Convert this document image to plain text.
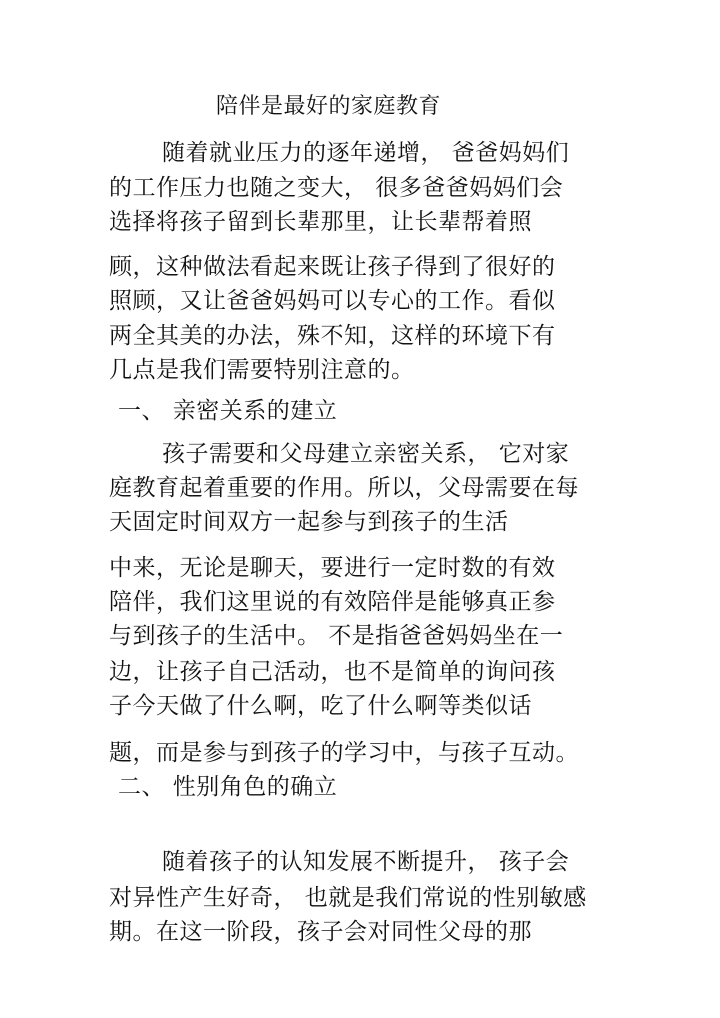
陪伴是最好的家庭教育
随着就业压力的逐年递增， 爸爸妈妈们
的工作压力也随之变大， 很多爸爸妈妈们会
选择将孩子留到长辈那里，让长辈帮着照
顾，这种做法看起来既让孩子得到了很好的
照顾，又让爸爸妈妈可以专心的工作。看似
两全其美的办法，殊不知，这样的环境下有
几点是我们需要特别注意的。
一、 亲密关系的建立
孩子需要和父母建立亲密关系， 它对家
庭教育起着重要的作用。所以，父母需要在每
天固定时间双方一起参与到孩子的生活
中来，无论是聊天，要进行一定时数的有效
陪伴，我们这里说的有效陪伴是能够真正参
与到孩子的生活中。 不是指爸爸妈妈坐在一
边，让孩子自己活动，也不是简单的询问孩
子今天做了什么啊，吃了什么啊等类似话
题，而是参与到孩子的学习中，与孩子互动。
二、 性别角色的确立
随着孩子的认知发展不断提升， 孩子会
对异性产生好奇， 也就是我们常说的性别敏感
期。在这一阶段，孩子会对同性父母的那
